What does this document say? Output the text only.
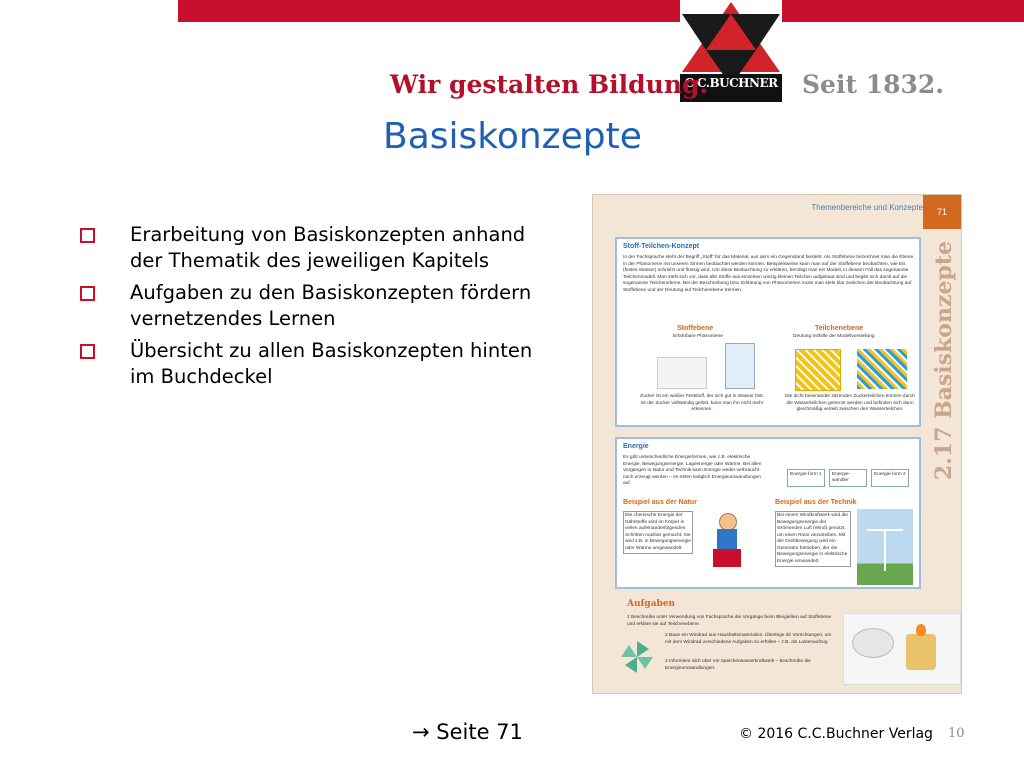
C.C.BUCHNER
Wir gestalten Bildung.	Seit 1832.
Basiskonzepte
Erarbeitung von Basiskonzepten anhand der Thematik des jeweiligen Kapitels
Aufgaben zu den Basiskonzepten fördern vernetzendes Lernen
Übersicht zu allen Basiskonzepten hinten im Buchdeckel
Themenbereiche und Konzepte	71
2.17 Basiskonzepte
Stoff-Teilchen-Konzept
In der Fachsprache steht der Begriff „Stoff“ für das Material, aus dem ein Gegenstand besteht. Als Stoffebene bezeichnet man die Ebene, in der Phänomene mit unseren Sinnen beobachtet werden können. Beispielsweise kann man auf der Stoffebene beobachten, wie Eis (festes Wasser) schmilzt und flüssig wird. Um diese Beobachtung zu erklären, benötigt man ein Modell, in diesem Fall das sogenannte Teilchenmodell. Man stellt sich vor, dass alle Stoffe aus einzelnen winzig kleinen Teilchen aufgebaut sind und begibt sich damit auf die sogenannte Teilchenebene. Bei der Beschreibung bzw. Erklärung von Phänomenen muss man stets klar zwischen der Beobachtung auf Stoffebene und der Deutung auf Teilchenebene trennen.
Stoffebene
Erfahrbare Phänomene
Teilchenebene
Deutung mithilfe der Modellvorstellung
Zucker ist ein weißer Feststoff, der sich gut in Wasser löst. Ist der Zucker vollständig gelöst, kann man ihn nicht mehr erkennen.
Die dicht beieinander sitzenden Zuckerteilchen können durch die Wasserteilchen getrennt werden und befinden sich dann gleichmäßig verteilt zwischen den Wasserteilchen.
Energie
Es gibt unterschiedliche Energieformen, wie z.B. elektrische Energie, Bewegungsenergie, Lageenergie oder Wärme. Bei allen Vorgängen in Natur und Technik kann Energie weder verbraucht noch erzeugt werden – es treten lediglich Energieumwandlungen auf.
Energie-form 1	Energie-wandler
Energie-form 2
Beispiel aus der Natur	Beispiel aus der Technik
Die chemische Energie der Nährstoffe wird im Körper in vielen aufeinanderfolgenden Schritten nutzbar gemacht: Sie wird z.B. in Bewegungsenergie oder Wärme umgewandelt.
Bei einem Windkraftwerk wird die Bewegungsenergie der strömenden Luft (Wind) genutzt, um einen Rotor anzutreiben. Mit der Drehbewegung wird ein Generator betrieben, der die Bewegungsenergie in elektrische Energie umwandelt.
Aufgaben
1 Beschreibe unter Verwendung von Fachsprache die Vorgänge beim Bleigießen auf Stoffebene und erkläre sie auf Teilchenebene.
2 Baue ein Windrad aus Haushaltsmaterialien. Überlege dir Vorrichtungen, um mit dem Windrad verschiedene Aufgaben zu erfüllen – z.B. als Lastenaufzug.
3 Informiere dich über ein Speicherwasserkraftwerk – beschreibe die Energieumwandlungen.
→ Seite 71	© 2016 C.C.Buchner Verlag 10
